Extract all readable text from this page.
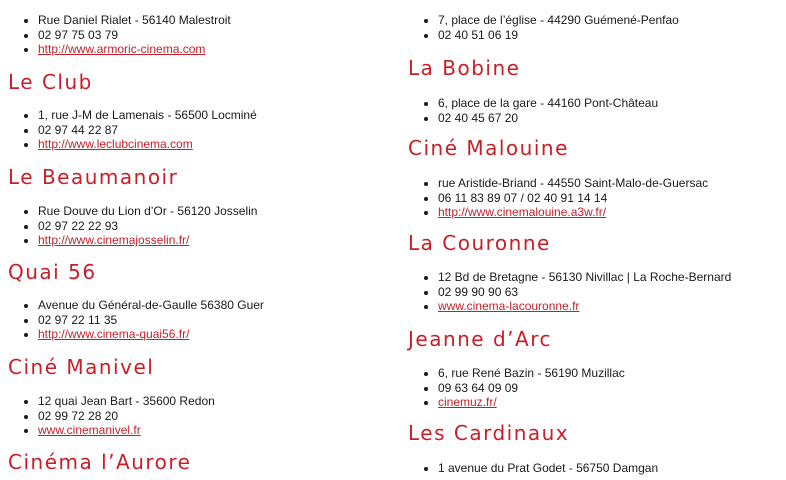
• Rue Daniel Rialet - 56140 Malestroit
• 02 97 75 03 79
• http://www.armoric-cinema.com
Le Club
• 1, rue J-M de Lamenais - 56500 Locminé
• 02 97 44 22 87
• http://www.leclubcinema.com
Le Beaumanoir
• Rue Douve du Lion d’Or - 56120 Josselin
• 02 97 22 22 93
• http://www.cinemajosselin.fr/
Quai 56
• Avenue du Général-de-Gaulle 56380 Guer
• 02 97 22 11 35
• http://www.cinema-quai56.fr/
Ciné Manivel
• 12 quai Jean Bart - 35600 Redon
• 02 99 72 28 20
• www.cinemanivel.fr
Cinéma l’Aurore
• 7, place de l’église - 44290 Guémené-Penfao
• 02 40 51 06 19
La Bobine
• 6, place de la gare - 44160 Pont-Château
• 02 40 45 67 20
Ciné Malouine
• rue Aristide-Briand - 44550 Saint-Malo-de-Guersac
• 06 11 83 89 07 / 02 40 91 14 14
• http://www.cinemalouine.a3w.fr/
La Couronne
• 12 Bd de Bretagne - 56130 Nivillac | La Roche-Bernard
• 02 99 90 90 63
• www.cinema-lacouronne.fr
Jeanne d’Arc
• 6, rue René Bazin - 56190 Muzillac
• 09 63 64 09 09
• cinemuz.fr/
Les Cardinaux
• 1 avenue du Prat Godet - 56750 Damgan
